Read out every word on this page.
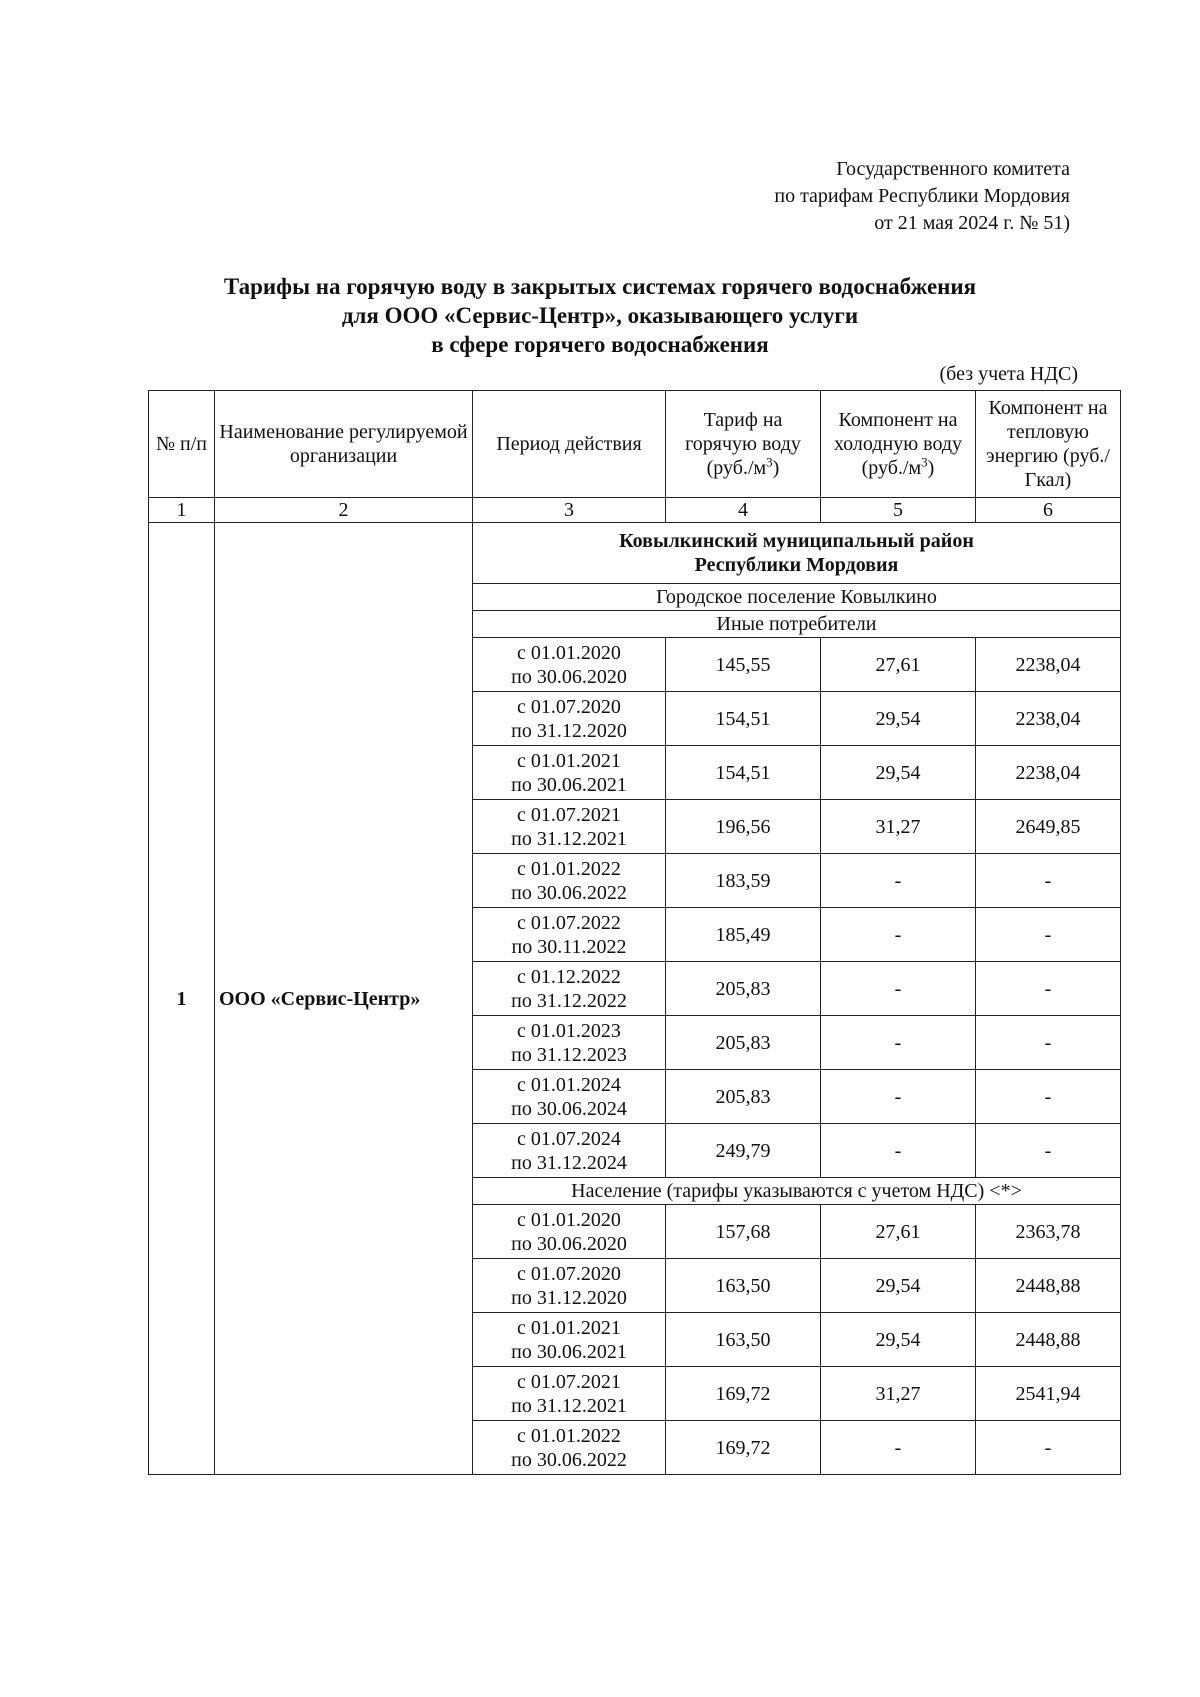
Государственного комитета
по тарифам Республики Мордовия
от 21 мая 2024 г. № 51)
Тарифы на горячую воду в закрытых системах горячего водоснабжения
для ООО «Сервис-Центр», оказывающего услуги
в сфере горячего водоснабжения
(без учета НДС)
№ п/п	Наименование регулируемой организации	Период действия	Тариф на горячую воду $(руб./м^3)$	Компонент на холодную воду $(руб./м^3)$	Компонент на тепловую энергию (руб./Гкал)
1	2	3	4	5	6
1	ООО «Сервис-Центр»	Ковылкинский муниципальный район
Республики Мордовия			

		Городское поселение Ковылкино			
		Иные потребители			

		с 01.01.2020
по 30.06.2020	145,55	27,61	2238,04

		с 01.07.2020
по 31.12.2020	154,51	29,54	2238,04

		с 01.01.2021
по 30.06.2021	154,51	29,54	2238,04

		с 01.07.2021
по 31.12.2021	196,56	31,27	2649,85

		с 01.01.2022
по 30.06.2022	183,59	-	-

		с 01.07.2022
по 30.11.2022	185,49	-	-

		с 01.12.2022
по 31.12.2022	205,83	-	-

		с 01.01.2023
по 31.12.2023	205,83	-	-

		с 01.01.2024
по 30.06.2024	205,83	-	-

		с 01.07.2024
по 31.12.2024	249,79	-	-
		Население (тарифы указываются с учетом НДС) <*>			

		с 01.01.2020
по 30.06.2020	157,68	27,61	2363,78

		с 01.07.2020
по 31.12.2020	163,50	29,54	2448,88

		с 01.01.2021
по 30.06.2021	163,50	29,54	2448,88

		с 01.07.2021
по 31.12.2021	169,72	31,27	2541,94

		с 01.01.2022
по 30.06.2022	169,72	-	-
